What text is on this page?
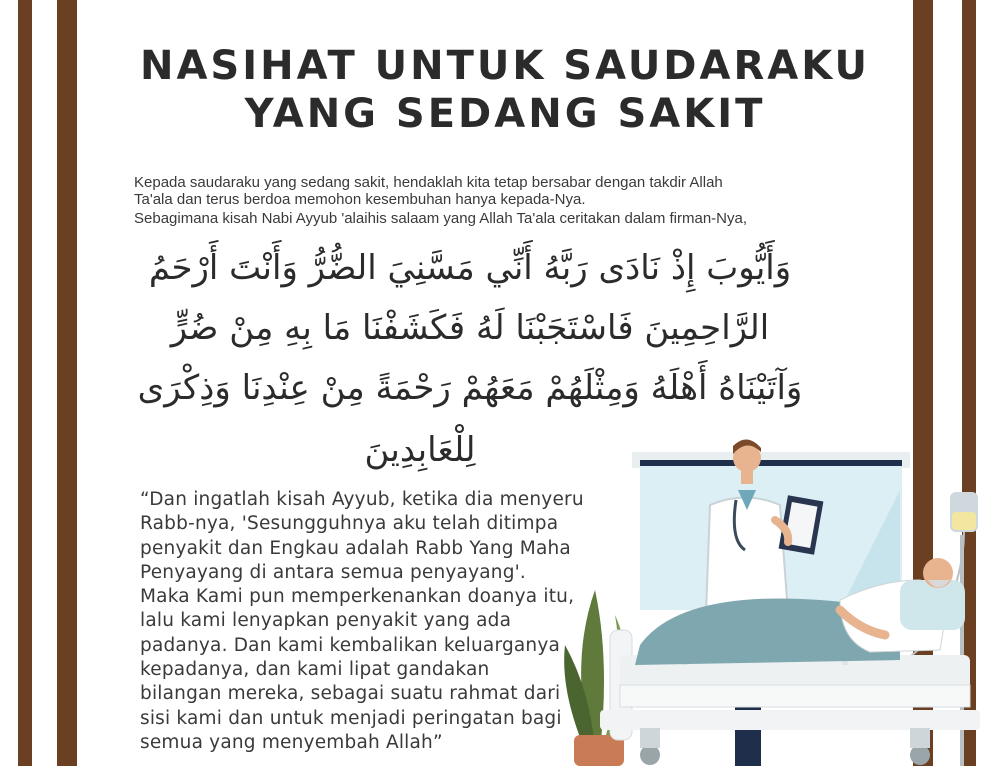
NASIHAT UNTUK SAUDARAKU
YANG SEDANG SAKIT
Kepada saudaraku yang sedang sakit, hendaklah kita tetap bersabar dengan takdir Allah
Ta'ala dan terus berdoa memohon kesembuhan hanya kepada-Nya.
Sebagimana kisah Nabi Ayyub 'alaihis salaam yang Allah Ta'ala ceritakan dalam firman-Nya,
وَأَيُّوبَ إِذْ نَادَى رَبَّهُ أَنِّي مَسَّنِيَ الضُّرُّ وَأَنْتَ أَرْحَمُ
الرَّاحِمِينَ فَاسْتَجَبْنَا لَهُ فَكَشَفْنَا مَا بِهِ مِنْ ضُرٍّ
وَآتَيْنَاهُ أَهْلَهُ وَمِثْلَهُمْ مَعَهُمْ رَحْمَةً مِنْ عِنْدِنَا وَذِكْرَى
لِلْعَابِدِينَ
“Dan ingatlah kisah Ayyub, ketika dia menyeru
Rabb-nya, 'Sesungguhnya aku telah ditimpa
penyakit dan Engkau adalah Rabb Yang Maha
Penyayang di antara semua penyayang'.
Maka Kami pun memperkenankan doanya itu,
lalu kami lenyapkan penyakit yang ada
padanya. Dan kami kembalikan keluarganya
kepadanya, dan kami lipat gandakan
bilangan mereka, sebagai suatu rahmat dari
sisi kami dan untuk menjadi peringatan bagi
semua yang menyembah Allah”
